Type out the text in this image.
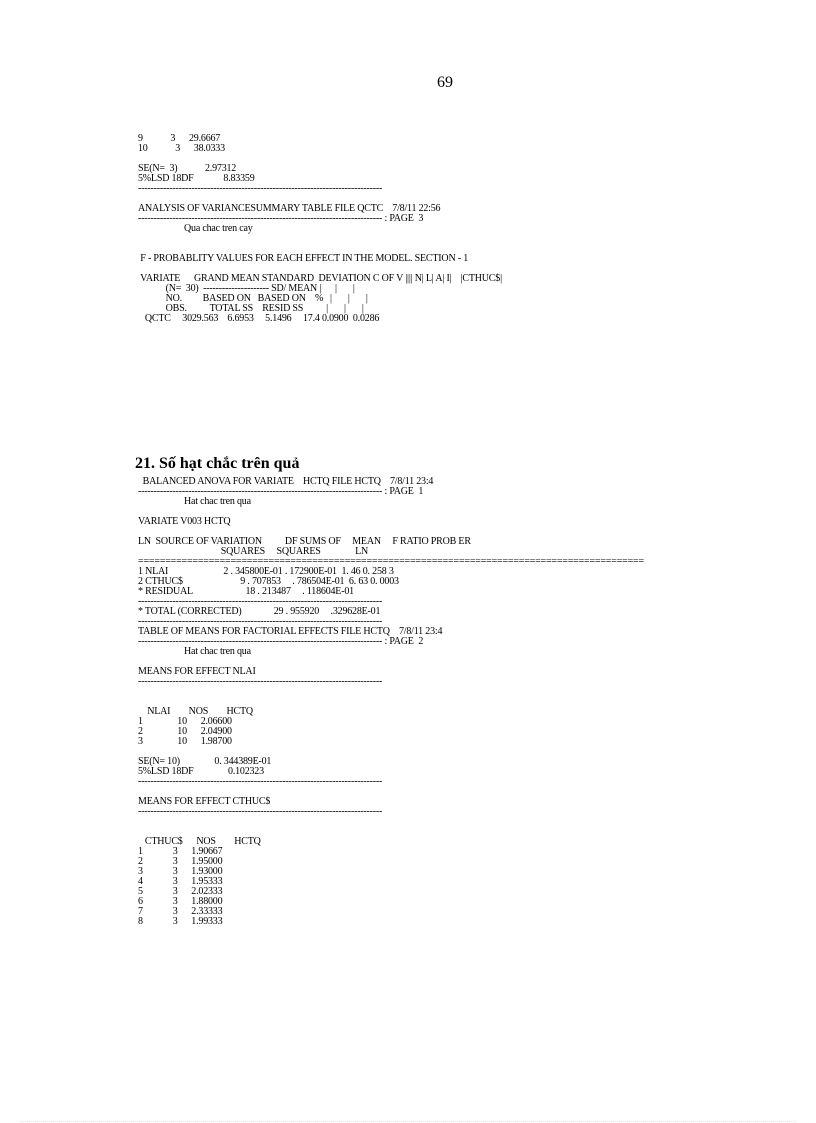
69
9            3      29.6667
10            3      38.0333

SE(N=  3)            2.97312
5%LSD 18DF             8.83359
------------------------------------------------------------------------------

ANALYSIS OF VARIANCESUMMARY TABLE FILE QCTC    7/8/11 22:56
------------------------------------------------------------------------------ : PAGE  3
Qua chac tren cay

F - PROBABLITY VALUES FOR EACH EFFECT IN THE MODEL. SECTION - 1

VARIATE      GRAND MEAN STANDARD  DEVIATION C OF V |||| N| L| A| I|    |CTHUC$|
(N=  30)  --------------------- SD/ MEAN |      |       |
NO.         BASED ON   BASED ON    %   |       |       |
OBS.          TOTAL SS    RESID SS          |       |       |
QCTC     3029.563    6.6953     5.1496     17.4 0.0900  0.0286
21. Số hạt chắc trên quả
BALANCED ANOVA FOR VARIATE    HCTQ FILE HCTQ    7/8/11 23:4
------------------------------------------------------------------------------ : PAGE  1
Hat chac tren qua

VARIATE V003 HCTQ

LN  SOURCE OF VARIATION          DF SUMS OF     MEAN     F RATIO PROB ER
SQUARES     SQUARES               LN
=============================================================================================
1 NLAI                        2 . 345800E-01 . 172900E-01  1. 46 0. 258 3
2 CTHUC$                         9 . 707853     . 786504E-01  6. 63 0. 0003
* RESIDUAL                       18 . 213487     . 118604E-01
------------------------------------------------------------------------------
* TOTAL (CORRECTED)              29 . 955920     .329628E-01
------------------------------------------------------------------------------
TABLE OF MEANS FOR FACTORIAL EFFECTS FILE HCTQ    7/8/11 23:4
------------------------------------------------------------------------------ : PAGE  2
Hat chac tren qua

MEANS FOR EFFECT NLAI
------------------------------------------------------------------------------

NLAI        NOS        HCTQ
1               10      2.06600
2               10      2.04900
3               10      1.98700

SE(N= 10)               0. 344389E-01
5%LSD 18DF               0.102323
------------------------------------------------------------------------------

MEANS FOR EFFECT CTHUC$
------------------------------------------------------------------------------

CTHUC$      NOS        HCTQ
1             3      1.90667
2             3      1.95000
3             3      1.93000
4             3      1.95333
5             3      2.02333
6             3      1.88000
7             3      2.33333
8             3      1.99333
